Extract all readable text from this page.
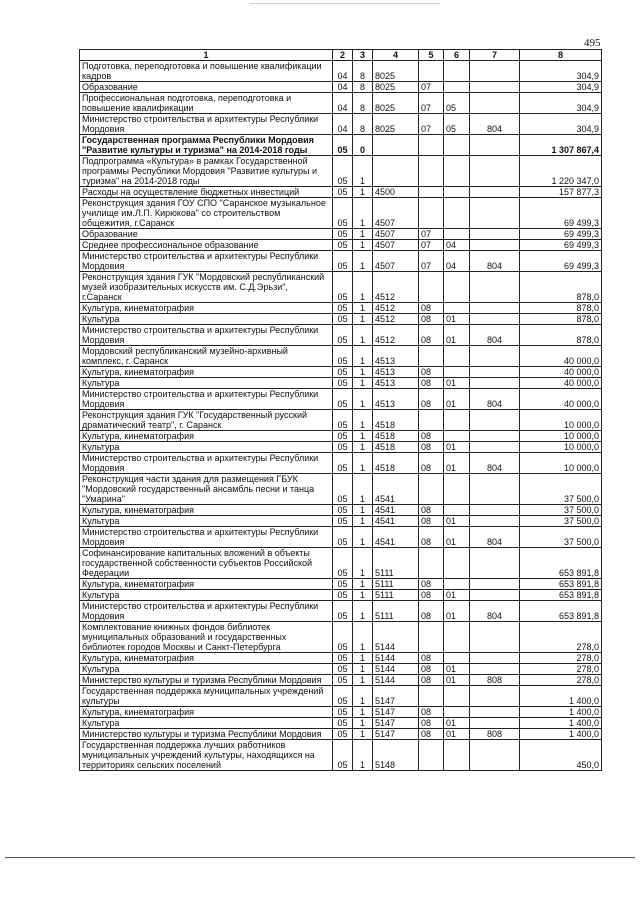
495
1	2	3	4	5	6	7	8
Подготовка, переподготовка и повышение квалификации кадров	04	8	8025				304,9
Образование	04	8	8025	07			304,9
Профессиональная подготовка, переподготовка и повышение квалификации	04	8	8025	07	05		304,9
Министерство строительства и архитектуры Республики Мордовия	04	8	8025	07	05	804	304,9
Государственная программа Республики Мордовия "Развитие культуры и туризма" на 2014-2018 годы	05	0					1 307 867,4
Подпрограмма «Культура» в рамках Государственной программы Республики Мордовия "Развитие культуры и туризма" на 2014-2018 годы	05	1					1 220 347,0
Расходы на осуществление бюджетных инвестиций	05	1	4500				157 877,3
Реконструкция здания ГОУ СПО "Саранское музыкальное училище им.Л.П. Кирюкова" со строительством общежития, г.Саранск	05	1	4507				69 499,3
Образование	05	1	4507	07			69 499,3
Среднее профессиональное образование	05	1	4507	07	04		69 499,3
Министерство строительства и архитектуры Республики Мордовия	05	1	4507	07	04	804	69 499,3
Реконструкция здания ГУК "Мордовский республиканский музей изобразительных искусств им. С.Д.Эрьзи", г.Саранск	05	1	4512				878,0
Культура, кинематография	05	1	4512	08			878,0
Культура	05	1	4512	08	01		878,0
Министерство строительства и архитектуры Республики Мордовия	05	1	4512	08	01	804	878,0
Мордовский республиканский музейно-архивный комплекс, г. Саранск	05	1	4513				40 000,0
Культура, кинематография	05	1	4513	08			40 000,0
Культура	05	1	4513	08	01		40 000,0
Министерство строительства и архитектуры Республики Мордовия	05	1	4513	08	01	804	40 000,0
Реконструкция здания ГУК "Государственный русский драматический театр", г. Саранск	05	1	4518				10 000,0
Культура, кинематография	05	1	4518	08			10 000,0
Культура	05	1	4518	08	01		10 000,0
Министерство строительства и архитектуры Республики Мордовия	05	1	4518	08	01	804	10 000,0
Реконструкция части здания для размещения ГБУК "Мордовский государственный ансамбль песни и танца "Умарина"	05	1	4541				37 500,0
Культура, кинематография	05	1	4541	08			37 500,0
Культура	05	1	4541	08	01		37 500,0
Министерство строительства и архитектуры Республики Мордовия	05	1	4541	08	01	804	37 500,0
Софинансирование капитальных вложений в объекты государственной собственности субъектов Российской Федерации	05	1	5111				653 891,8
Культура, кинематография	05	1	5111	08			653 891,8
Культура	05	1	5111	08	01		653 891,8
Министерство строительства и архитектуры Республики Мордовия	05	1	5111	08	01	804	653 891,8
Комплектование книжных фондов библиотек муниципальных образований и государственных библиотек городов Москвы и Санкт-Петербурга	05	1	5144				278,0
Культура, кинематография	05	1	5144	08			278,0
Культура	05	1	5144	08	01		278,0
Министерство культуры и туризма Республики Мордовия	05	1	5144	08	01	808	278,0
Государственная поддержка муниципальных учреждений культуры	05	1	5147				1 400,0
Культура, кинематография	05	1	5147	08			1 400,0
Культура	05	1	5147	08	01		1 400,0
Министерство культуры и туризма Республики Мордовия	05	1	5147	08	01	808	1 400,0
Государственная поддержка лучших работников муниципальных учреждений культуры, находящихся на территориях сельских поселений	05	1	5148				450,0
